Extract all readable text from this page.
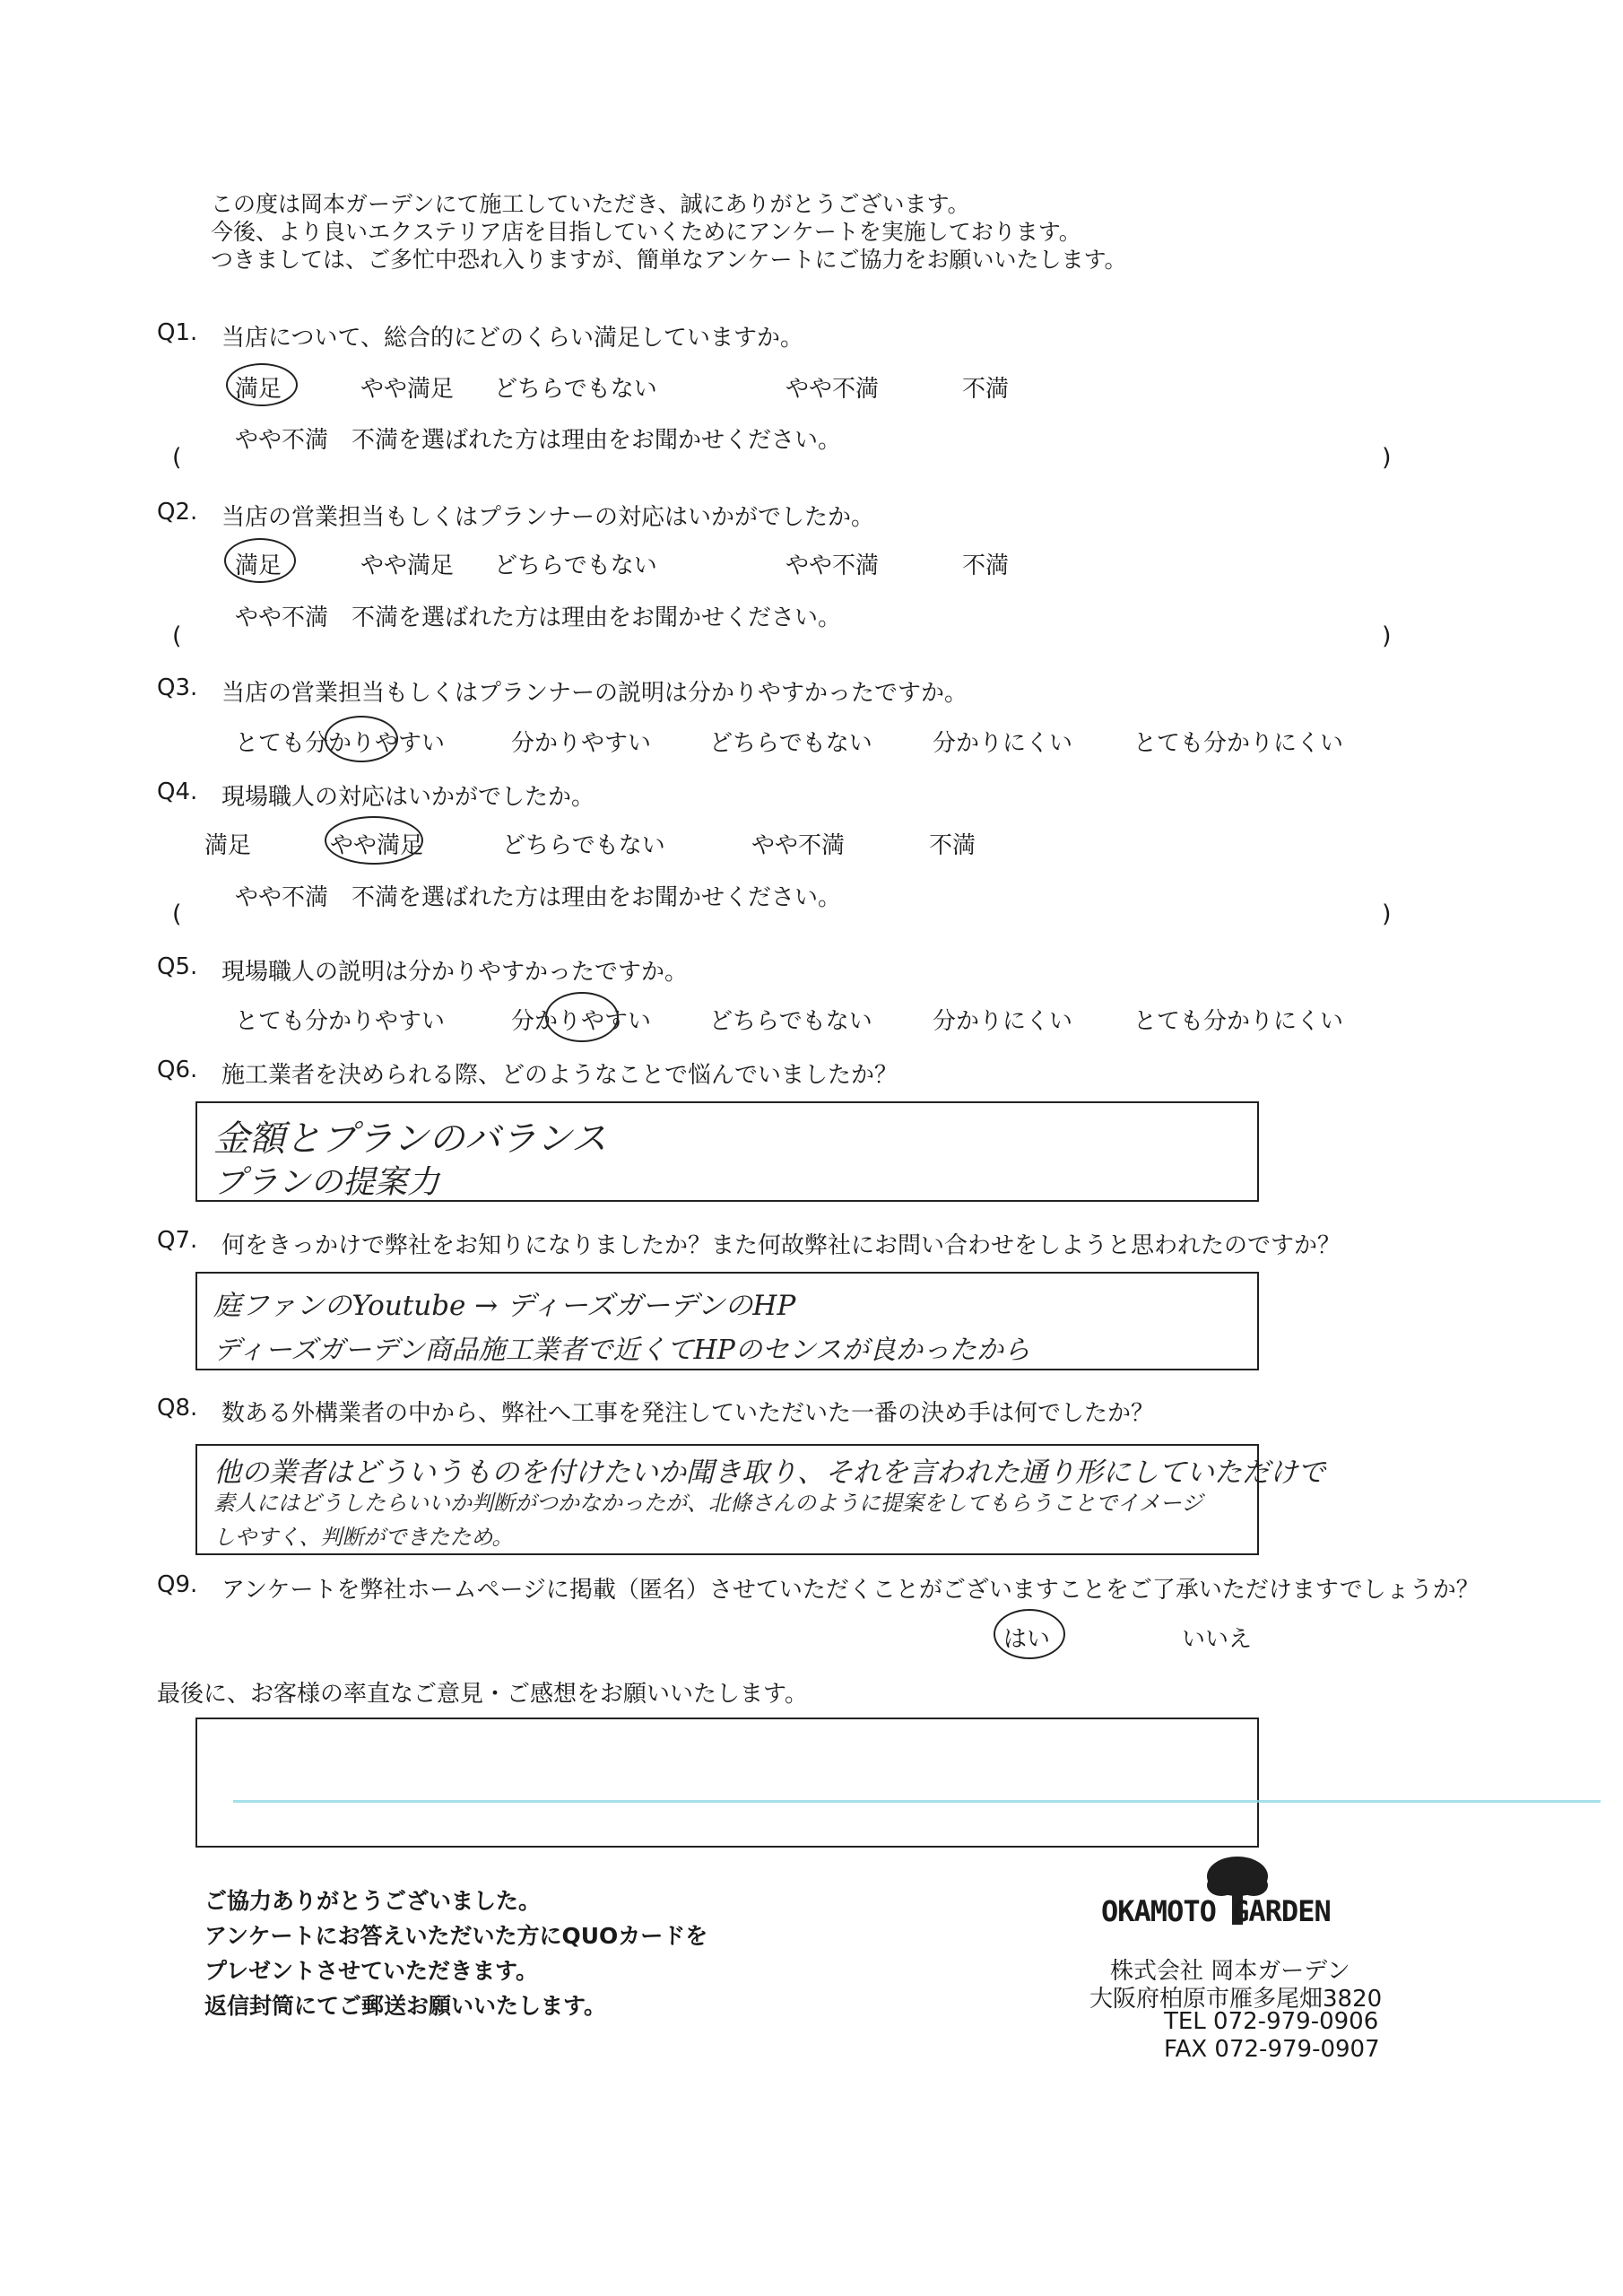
この度は岡本ガーデンにて施工していただき、誠にありがとうございます。
今後、より良いエクステリア店を目指していくためにアンケートを実施しております。
つきましては、ご多忙中恐れ入りますが、簡単なアンケートにご協力をお願いいたします。
Q1. 当店について、総合的にどのくらい満足していますか。
満足	やや満足 どちらでもない	やや不満	不満
やや不満　不満を選ばれた方は理由をお聞かせください。
(	)
Q2. 当店の営業担当もしくはプランナーの対応はいかがでしたか。
満足	やや満足 どちらでもない	やや不満	不満
やや不満　不満を選ばれた方は理由をお聞かせください。
(	)
Q3. 当店の営業担当もしくはプランナーの説明は分かりやすかったですか。
とても分かりやすい	分かりやすい どちらでもない	分かりにくい	とても分かりにくい
Q4. 現場職人の対応はいかがでしたか。
満足	やや満足	どちらでもない	やや不満	不満
やや不満　不満を選ばれた方は理由をお聞かせください。
(	)
Q5. 現場職人の説明は分かりやすかったですか。
とても分かりやすい	分かりやすい どちらでもない	分かりにくい	とても分かりにくい
Q6. 施工業者を決められる際、どのようなことで悩んでいましたか？
金額とプランのバランス
プランの提案力
Q7. 何をきっかけで弊社をお知りになりましたか？また何故弊社にお問い合わせをしようと思われたのですか？
庭ファンのYoutube → ディーズガーデンのHP
ディーズガーデン商品施工業者で近くてHPのセンスが良かったから
Q8. 数ある外構業者の中から、弊社へ工事を発注していただいた一番の決め手は何でしたか？
他の業者はどういうものを付けたいか聞き取り、それを言われた通り形にしていただけで
素人にはどうしたらいいか判断がつかなかったが、北條さんのように提案をしてもらうことでイメージ
しやすく、判断ができたため。
Q9. アンケートを弊社ホームページに掲載（匿名）させていただくことがございますことをご了承いただけますでしょうか？
はい	いいえ
最後に、お客様の率直なご意見・ご感想をお願いいたします。
ご協力ありがとうございました。
アンケートにお答えいただいた方にQUOカードを
プレゼントさせていただきます。
返信封筒にてご郵送お願いいたします。
OKAMOTO GARDEN
株式会社 岡本ガーデン
大阪府柏原市雁多尾畑3820
TEL 072-979-0906
FAX 072-979-0907
